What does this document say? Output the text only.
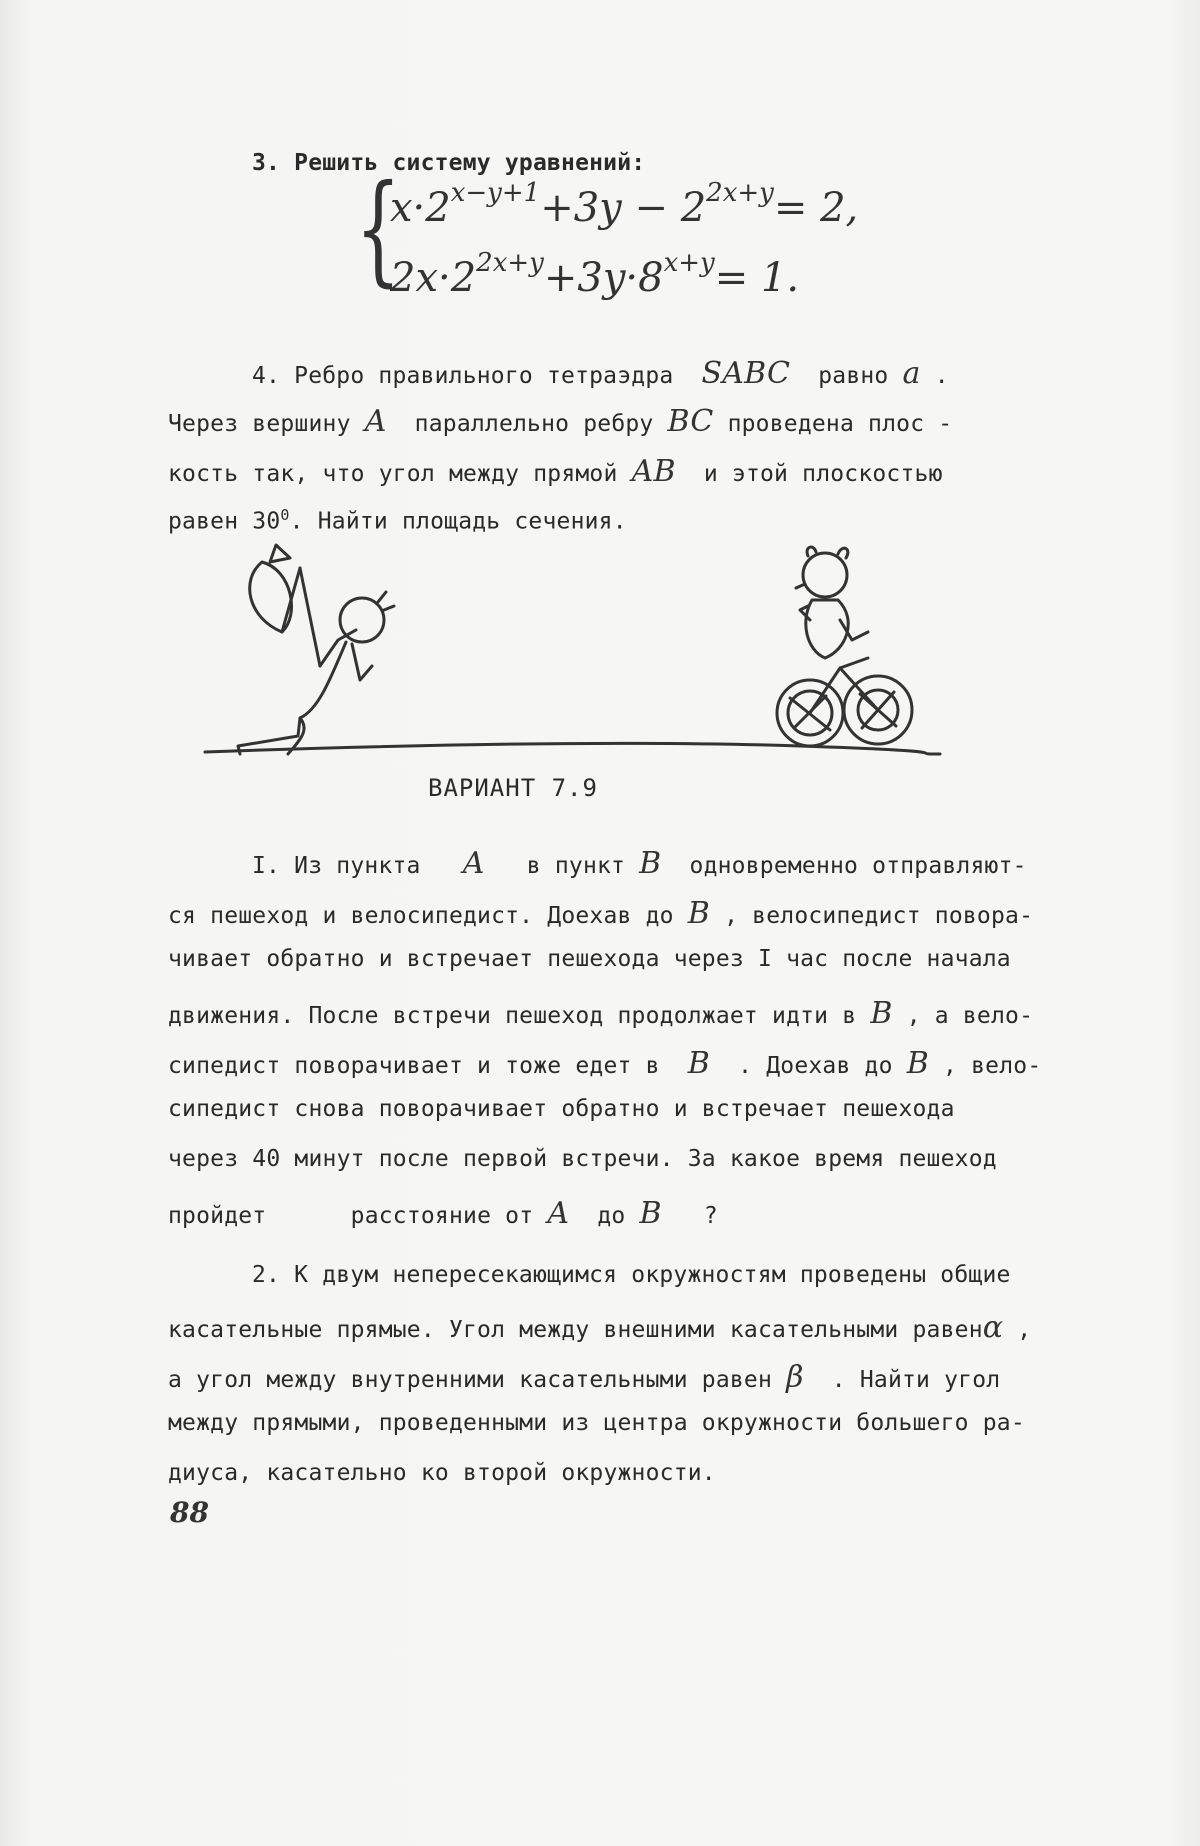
3. Решить систему уравнений:
{
$x\cdot 2^{x-y+1}+3y - 2^{2x+y}= 2$,
$2x\cdot 2^{2x+y}+3y\cdot 8^{x+y}= 1$.
4. Ребро правильного тетраэдра SABC равно a .
Через вершину A параллельно ребру BC проведена плос -
кость так, что угол между прямой AB и этой плоскостью
равен $30^0$. Найти площадь сечения.
ВАРИАНТ 7.9
I. Из пункта A в пункт B одновременно отправляют-
ся пешеход и велосипедист. Доехав до B , велосипедист повора-
чивает обратно и встречает пешехода через I час после начала
движения. После встречи пешеход продолжает идти в B , а вело-
сипедист поворачивает и тоже едет в B . Доехав до B , вело-
сипедист снова поворачивает обратно и встречает пешехода
через 40 минут после первой встречи. За какое время пешеход
пройдет	расстояние от A до B ?
2. К двум непересекающимся окружностям проведены общие
касательные прямые. Угол между внешними касательными равенα ,
а угол между внутренними касательными равен β . Найти угол
между прямыми, проведенными из центра окружности большего ра-
диуса, касательно ко второй окружности.
88
